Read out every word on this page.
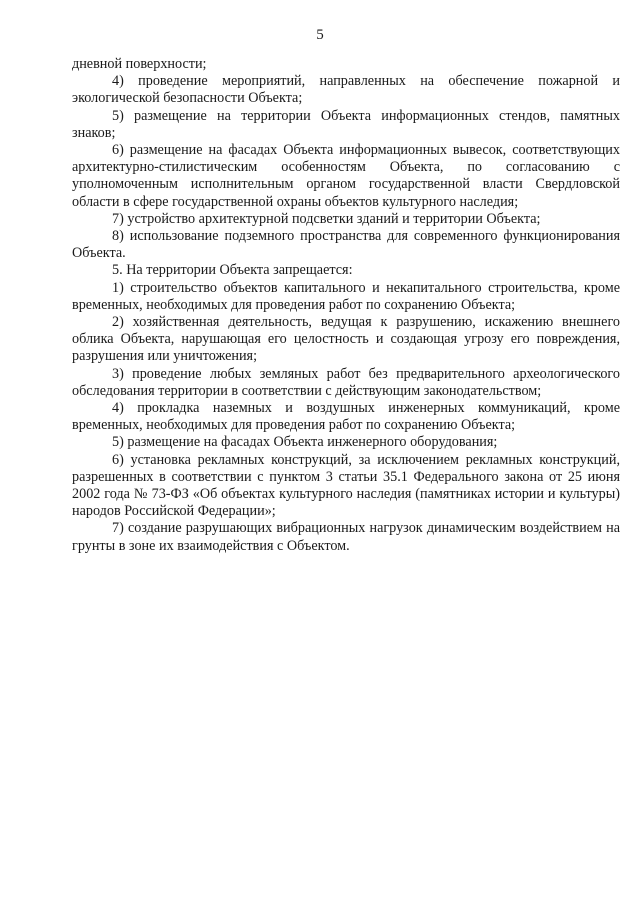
5

дневной поверхности;

4) проведение мероприятий, направленных на обеспечение пожарной и экологической безопасности Объекта;

5) размещение на территории Объекта информационных стендов, памятных знаков;

6) размещение на фасадах Объекта информационных вывесок, соответствующих архитектурно-стилистическим особенностям Объекта, по согласованию с уполномоченным исполнительным органом государственной власти Свердловской области в сфере государственной охраны объектов культурного наследия;

7) устройство архитектурной подсветки зданий и территории Объекта;

8) использование подземного пространства для современного функционирования Объекта.

5. На территории Объекта запрещается:

1) строительство объектов капитального и некапитального строительства, кроме временных, необходимых для проведения работ по сохранению Объекта;

2) хозяйственная деятельность, ведущая к разрушению, искажению внешнего облика Объекта, нарушающая его целостность и создающая угрозу его повреждения, разрушения или уничтожения;

3) проведение любых земляных работ без предварительного археологического обследования территории в соответствии с действующим законодательством;

4) прокладка наземных и воздушных инженерных коммуникаций, кроме временных, необходимых для проведения работ по сохранению Объекта;

5) размещение на фасадах Объекта инженерного оборудования;

6) установка рекламных конструкций, за исключением рекламных конструкций, разрешенных в соответствии с пунктом 3 статьи 35.1 Федерального закона от 25 июня 2002 года № 73-ФЗ «Об объектах культурного наследия (памятниках истории и культуры) народов Российской Федерации»;

7) создание разрушающих вибрационных нагрузок динамическим воздействием на грунты в зоне их взаимодействия с Объектом.
